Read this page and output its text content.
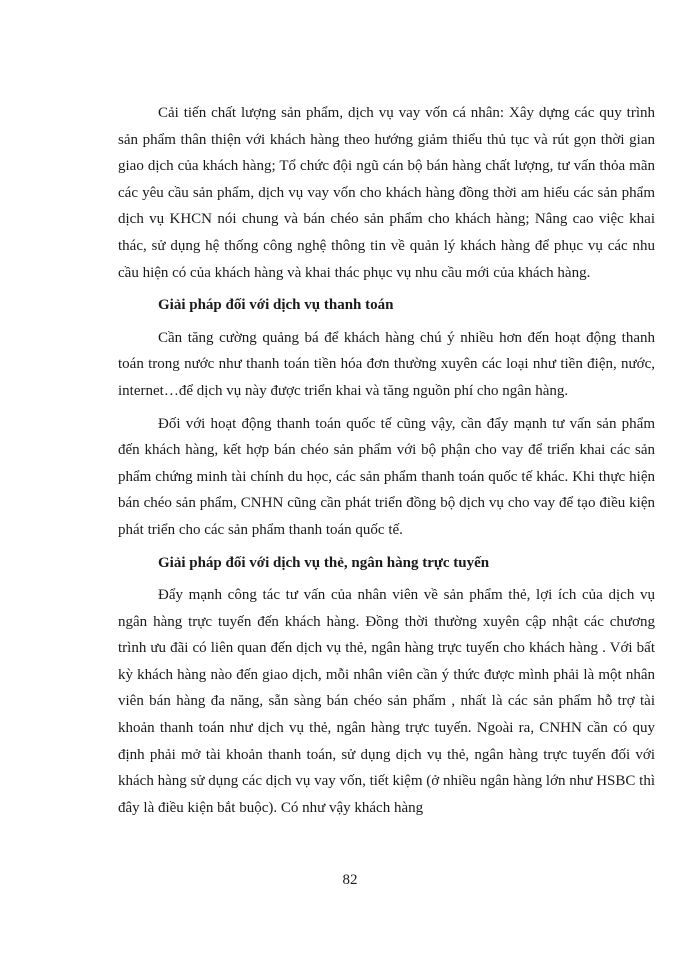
Cải tiến chất lượng sản phẩm, dịch vụ vay vốn cá nhân: Xây dựng các quy trình sản phẩm thân thiện với khách hàng theo hướng giảm thiểu thủ tục và rút gọn thời gian giao dịch của khách hàng; Tổ chức đội ngũ cán bộ bán hàng chất lượng, tư vấn thỏa mãn các yêu cầu sản phẩm, dịch vụ vay vốn cho khách hàng đồng thời am hiểu các sản phẩm dịch vụ KHCN nói chung và bán chéo sản phẩm cho khách hàng; Nâng cao việc khai thác, sử dụng hệ thống công nghệ thông tin về quản lý khách hàng để phục vụ các nhu cầu hiện có của khách hàng và khai thác phục vụ nhu cầu mới của khách hàng.

Giải pháp đối với dịch vụ thanh toán

Cần tăng cường quảng bá để khách hàng chú ý nhiều hơn đến hoạt động thanh toán trong nước như thanh toán tiền hóa đơn thường xuyên các loại như tiền điện, nước, internet…để dịch vụ này được triển khai và tăng nguồn phí cho ngân hàng.

Đối với hoạt động thanh toán quốc tế cũng vậy, cần đẩy mạnh tư vấn sản phẩm đến khách hàng, kết hợp bán chéo sản phẩm với bộ phận cho vay để triển khai các sản phẩm chứng minh tài chính du học, các sản phẩm thanh toán quốc tế khác. Khi thực hiện bán chéo sản phẩm, CNHN cũng cần phát triển đồng bộ dịch vụ cho vay để tạo điều kiện phát triển cho các sản phẩm thanh toán quốc tế.

Giải pháp đối với dịch vụ thẻ, ngân hàng trực tuyến

Đẩy mạnh công tác tư vấn của nhân viên về sản phẩm thẻ, lợi ích của dịch vụ ngân hàng trực tuyến đến khách hàng. Đồng thời thường xuyên cập nhật các chương trình ưu đãi có liên quan đến dịch vụ thẻ, ngân hàng trực tuyến cho khách hàng . Với bất kỳ khách hàng nào đến giao dịch, mỗi nhân viên cần ý thức được mình phải là một nhân viên bán hàng đa năng, sẵn sàng bán chéo sản phẩm , nhất là các sản phẩm hỗ trợ tài khoản thanh toán như dịch vụ thẻ, ngân hàng trực tuyến. Ngoài ra, CNHN cần có quy định phải mở tài khoản thanh toán, sử dụng dịch vụ thẻ, ngân hàng trực tuyến đối với khách hàng sử dụng các dịch vụ vay vốn, tiết kiệm (ở nhiều ngân hàng lớn như HSBC thì đây là điều kiện bắt buộc). Có như vậy khách hàng

82
